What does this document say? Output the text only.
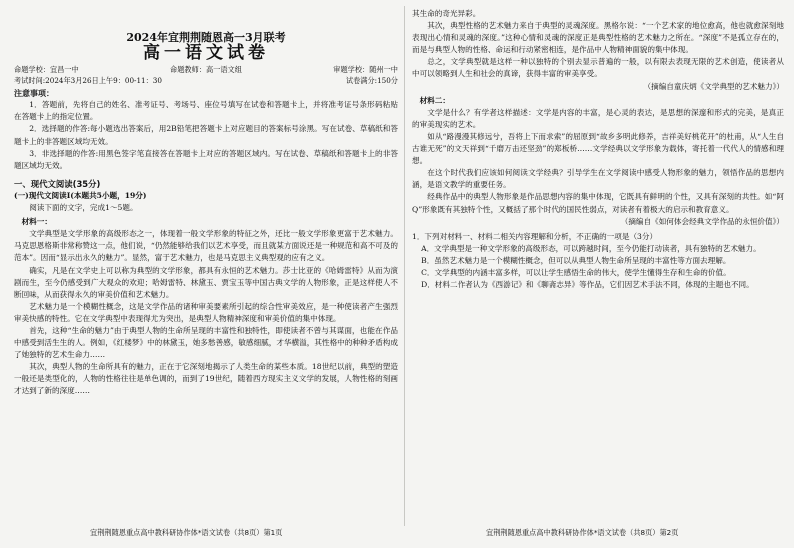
2024年宜荆荆随恩高一3月联考
高一语文试卷
命题学校：宜昌一中	命题教师：高一语文组	审题学校：随州一中
考试时间:2024年3月26日上午9：00-11：30	试卷满分:150分
注意事项：

1．答题前，先将自己的姓名、准考证号、考场号、座位号填写在试卷和答题卡上，并将准考证号条形码粘贴在答题卡上的指定位置。

2．选择题的作答:每小题选出答案后，用2B铅笔把答题卡上对应题目的答案标号涂黑。写在试卷、草稿纸和答题卡上的非答题区域均无效。

3．非选择题的作答:用黑色签字笔直接答在答题卡上对应的答题区域内。写在试卷、草稿纸和答题卡上的非答题区域均无效。

一、现代文阅读(35分)
(一)现代文阅读Ⅰ(本题共5小题，19分)

阅读下面的文字，完成1～5题。

材料一：

文学典型是文学形象的高级形态之一，体现着一般文学形象的特征之外，还比一般文学形象更富于艺术魅力。马克思恩格斯非常称赞这一点，他们说，“仍然能够给我们以艺术享受，而且就某方面说还是一种规范和高不可及的范本”。因而“显示出永久的魅力”。显然，富于艺术魅力，也是马克思主义典型观的应有之义。

确实，凡是在文学史上可以称为典型的文学形象，都具有永恒的艺术魅力。莎士比亚的《哈姆雷特》从而为演剧而生，至今仍感受到广大观众的欢迎；哈姆雷特、林黛玉、贾宝玉等中国古典文学的人物形象，正是这样使人不断回味，从而获得永久的审美价值和艺术魅力。

艺术魅力是一个模糊性概念，这是文学作品的诸种审美要素所引起的综合性审美效应，是一种使读者产生强烈审美快感的特性。它在文学典型中表现得尤为突出，是典型人物精神深度和审美价值的集中体现。

首先，这种“生命的魅力”由于典型人物的生命所呈现的丰富性和独特性，即使读者不曾与其谋面，也能在作品中感受到活生生的人。例如，《红楼梦》中的林黛玉，她多愁善感，敏感细腻，才华横溢，其性格中的种种矛盾构成了她独特的艺术生命力……

其次，典型人物的生命所具有的魅力，正在于它深刻地揭示了人类生命的某些本质。18世纪以前，典型的塑造一般还是类型化的，人物的性格往往是单色调的，而到了19世纪，随着西方现实主义文学的发展，人物性格的刻画才达到了新的深度……

其生命的奇光异彩。

其次，典型性格的艺术魅力来自于典型的灵魂深度。黑格尔说：“一个艺术家的地位愈高，他也就愈深刻地表现出心情和灵魂的深度。”这种心情和灵魂的深度正是典型性格的艺术魅力之所在。“深度”不是孤立存在的，而是与典型人物的性格、命运和行动紧密相连，是作品中人物精神面貌的集中体现。

总之，文学典型就是这样一种以独特的个别去显示普遍的一般，以有限去表现无限的艺术创造，使读者从中可以领略到人生和社会的真谛，获得丰富的审美享受。

（摘编自童庆炳《文学典型的艺术魅力》）
材料二：

文学是什么？有学者这样描述：文学是内容的丰富，是心灵的表达，是思想的深邃和形式的完美，是真正的审美现实的艺术。

如从“路漫漫其修远兮，吾将上下而求索”的屈原到“故乡多明此修养，吉祥美好桃花开”的杜甫，从“人生自古谁无死”的文天祥到“千磨万击还坚劲”的郑板桥……文学经典以文学形象为载体，寄托着一代代人的情感和理想。

在这个时代我们应该如何阅读文学经典？引导学生在文学阅读中感受人物形象的魅力，领悟作品的思想内涵，是语文教学的重要任务。

经典作品中的典型人物形象是作品思想内容的集中体现，它既具有鲜明的个性，又具有深刻的共性。如“阿Q”形象既有其独特个性，又概括了那个时代的国民性弱点，对读者有着极大的启示和教育意义。

（摘编自《如何体会经典文学作品的永恒价值》）

1．下列对材料一、材料二相关内容理解和分析，不正确的一项是（3分）

A．文学典型是一种文学形象的高级形态，可以跨越时间，至今仍能打动读者，具有独特的艺术魅力。

B．虽然艺术魅力是一个模糊性概念，但可以从典型人物生命所呈现的丰富性等方面去理解。

C．文学典型的内涵丰富多样，可以让学生感悟生命的伟大，使学生懂得生存和生命的价值。

D．材料二作者认为《西游记》和《聊斋志异》等作品，它们因艺术手法不同，体现的主题也不同。

宜荆荆随恩重点高中教科研协作体*语文试卷（共8页）第1页	宜荆荆随恩重点高中教科研协作体*语文试卷（共8页）第2页
